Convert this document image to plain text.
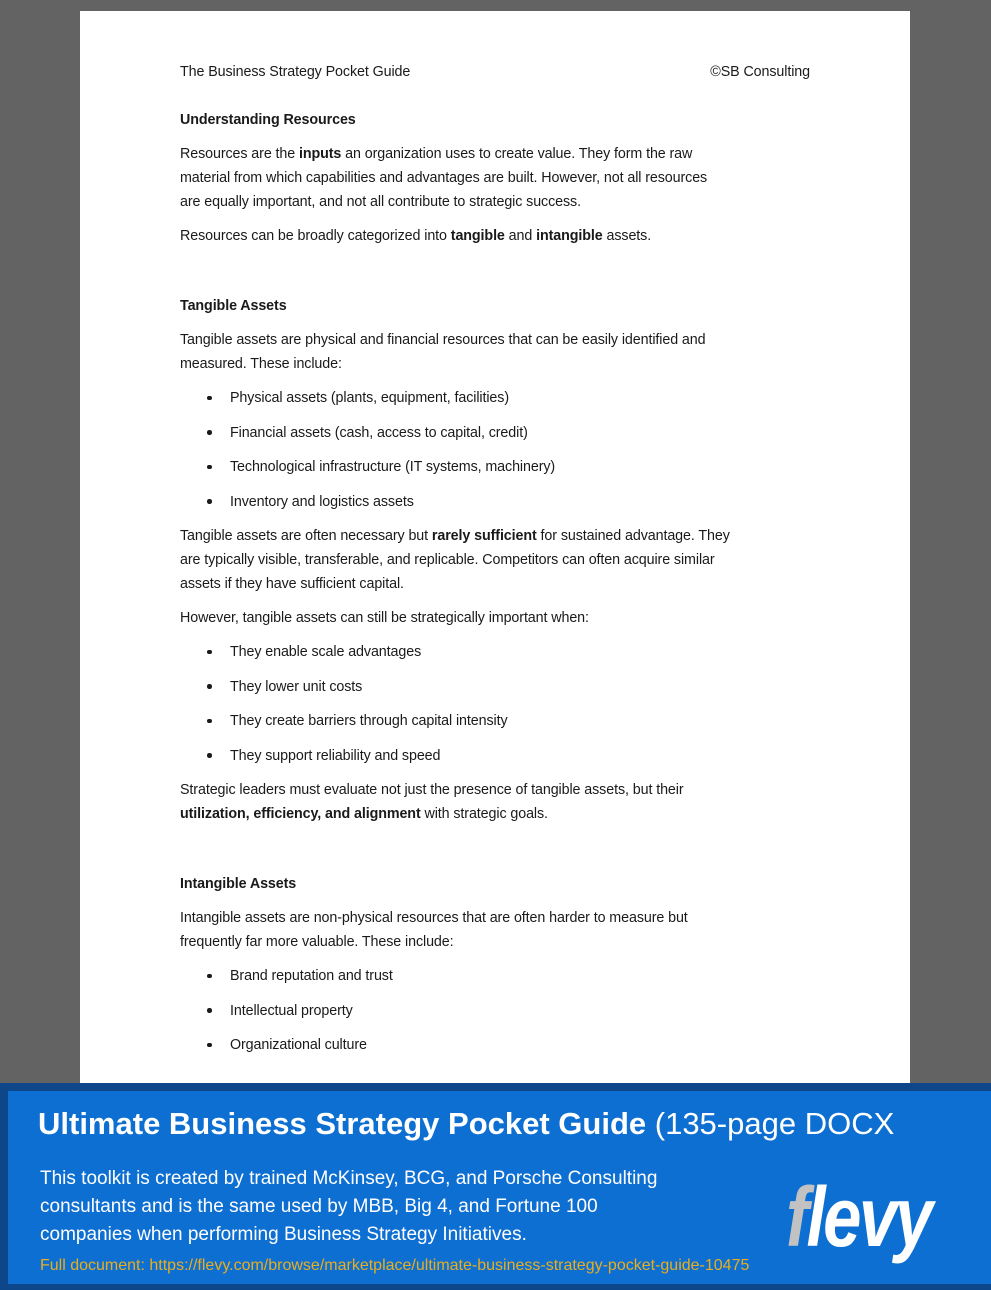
The Business Strategy Pocket Guide	©SB Consulting
Understanding Resources
Resources are the inputs an organization uses to create value. They form the raw
material from which capabilities and advantages are built. However, not all resources
are equally important, and not all contribute to strategic success.
Resources can be broadly categorized into tangible and intangible assets.
Tangible Assets
Tangible assets are physical and financial resources that can be easily identified and
measured. These include:
Physical assets (plants, equipment, facilities)
Financial assets (cash, access to capital, credit)
Technological infrastructure (IT systems, machinery)
Inventory and logistics assets
Tangible assets are often necessary but rarely sufficient for sustained advantage. They
are typically visible, transferable, and replicable. Competitors can often acquire similar
assets if they have sufficient capital.
However, tangible assets can still be strategically important when:
They enable scale advantages
They lower unit costs
They create barriers through capital intensity
They support reliability and speed
Strategic leaders must evaluate not just the presence of tangible assets, but their
utilization, efficiency, and alignment with strategic goals.
Intangible Assets
Intangible assets are non-physical resources that are often harder to measure but
frequently far more valuable. These include:
Brand reputation and trust
Intellectual property
Organizational culture
Ultimate Business Strategy Pocket Guide (135-page DOCX
This toolkit is created by trained McKinsey, BCG, and Porsche Consulting
consultants and is the same used by MBB, Big 4, and Fortune 100
companies when performing Business Strategy Initiatives.
Full document: https://flevy.com/browse/marketplace/ultimate-business-strategy-pocket-guide-10475
flevy
